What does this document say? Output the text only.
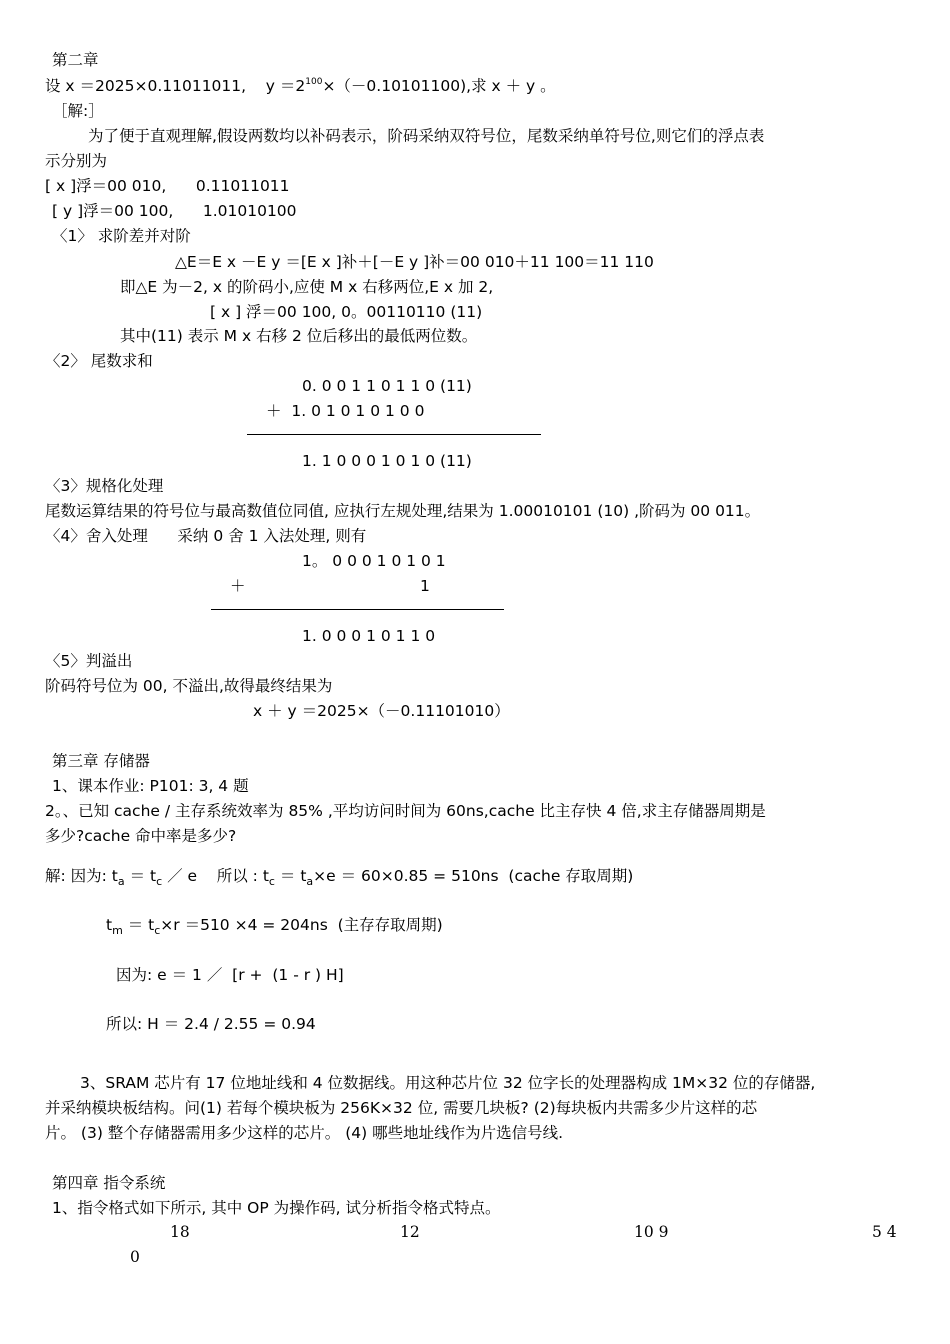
第二章
设 x ＝2025×0.11011011,    $y =2^{100}\times(-0.10101100)$,求 x ＋ y 。
［解:］
为了便于直观理解,假设两数均以补码表示，阶码采纳双符号位，尾数采纳单符号位,则它们的浮点表
示分别为
[ x ]浮＝00 010,      0.11011011
[ y ]浮＝00 100,      1.01010100
〈1〉 求阶差并对阶
△E＝E x －E y ＝[E x ]补＋[－E y ]补＝00 010＋11 100＝11 110
即△E 为－2, x 的阶码小,应使 M x 右移两位,E x 加 2,
[ x ] 浮＝00 100, 0。00110110 (11)
其中(11) 表示 M x 右移 2 位后移出的最低两位数。
〈2〉 尾数求和
0. 0 0 1 1 0 1 1 0 (11)
＋  1. 0 1 0 1 0 1 0 0
1. 1 0 0 0 1 0 1 0 (11)
〈3〉规格化处理
尾数运算结果的符号位与最高数值位同值, 应执行左规处理,结果为 1.00010101 (10) ,阶码为 00 011。
〈4〉舍入处理      采纳 0 舍 1 入法处理, 则有
1。 0 0 0 1 0 1 0 1
＋	1
1. 0 0 0 1 0 1 1 0
〈5〉判溢出
阶码符号位为 00, 不溢出,故得最终结果为
x ＋ y ＝2025×（－0.11101010）
第三章 存储器
1、课本作业: P101: 3, 4 题
2。、已知 cache / 主存系统效率为 85% ,平均访问时间为 60ns,cache 比主存快 4 倍,求主存储器周期是
多少?cache 命中率是多少?
解: 因为: $t_a = t_c$ ／ e    所以 : $t_c = t_a\times e = 60\times 0.85 = 510ns$  (cache 存取周期)
$t_m = t_c\times r =510 \times 4 = 204ns$  (主存存取周期)
因为: e ＝ 1 ／  [r +  (1 - r ) H]
所以: H ＝ 2.4 / 2.55 = 0.94
3、SRAM 芯片有 17 位地址线和 4 位数据线。用这种芯片位 32 位字长的处理器构成 1M×32 位的存储器,
并采纳模块板结构。问(1) 若每个模块板为 256K×32 位, 需要几块板? (2)每块板内共需多少片这样的芯
片。 (3) 整个存储器需用多少这样的芯片。 (4) 哪些地址线作为片选信号线.
第四章 指令系统
1、指令格式如下所示, 其中 OP 为操作码, 试分析指令格式特点。
18	12	10 9	5 4
0
